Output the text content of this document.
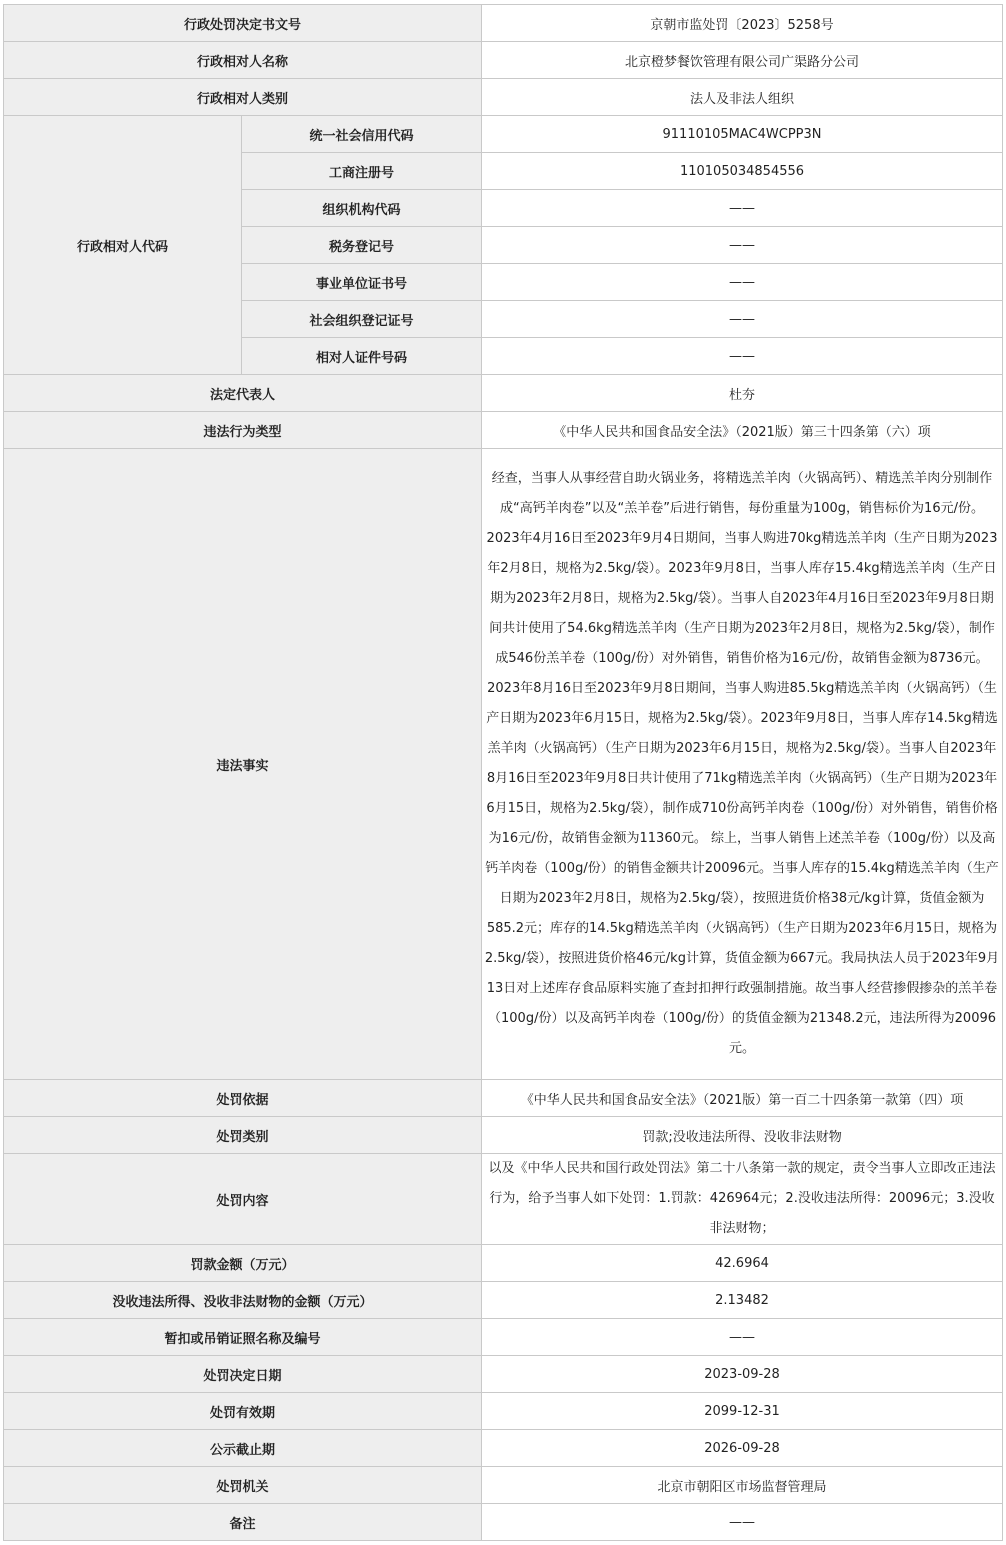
行政处罚决定书文号		京朝市监处罚〔2023〕5258号
行政相对人名称		北京橙梦餐饮管理有限公司广渠路分公司
行政相对人类别		法人及非法人组织
行政相对人代码	统一社会信用代码	91110105MAC4WCPP3N
	工商注册号	110105034854556
	组织机构代码	——
	税务登记号	——
	事业单位证书号	——
	社会组织登记证号	——
	相对人证件号码	——
法定代表人		杜夯
违法行为类型		《中华人民共和国食品安全法》（2021版）第三十四条第（六）项
违法事实		经查，当事人从事经营自助火锅业务，将精选羔羊肉（火锅高钙）、精选羔羊肉分别制作成“高钙羊肉卷”以及“羔羊卷”后进行销售，每份重量为100g，销售标价为16元/份。 2023年4月16日至2023年9月4日期间，当事人购进70kg精选羔羊肉（生产日期为2023年2月8日，规格为2.5kg/袋）。2023年9月8日，当事人库存15.4kg精选羔羊肉（生产日期为2023年2月8日，规格为2.5kg/袋）。当事人自2023年4月16日至2023年9月8日期间共计使用了54.6kg精选羔羊肉（生产日期为2023年2月8日，规格为2.5kg/袋），制作成546份羔羊卷（100g/份）对外销售，销售价格为16元/份，故销售金额为8736元。 2023年8月16日至2023年9月8日期间，当事人购进85.5kg精选羔羊肉（火锅高钙）（生产日期为2023年6月15日，规格为2.5kg/袋）。2023年9月8日，当事人库存14.5kg精选羔羊肉（火锅高钙）（生产日期为2023年6月15日，规格为2.5kg/袋）。当事人自2023年8月16日至2023年9月8日共计使用了71kg精选羔羊肉（火锅高钙）（生产日期为2023年6月15日，规格为2.5kg/袋），制作成710份高钙羊肉卷（100g/份）对外销售，销售价格为16元/份，故销售金额为11360元。 综上，当事人销售上述羔羊卷（100g/份）以及高钙羊肉卷（100g/份）的销售金额共计20096元。当事人库存的15.4kg精选羔羊肉（生产日期为2023年2月8日，规格为2.5kg/袋），按照进货价格38元/kg计算，货值金额为585.2元；库存的14.5kg精选羔羊肉（火锅高钙）（生产日期为2023年6月15日，规格为2.5kg/袋），按照进货价格46元/kg计算，货值金额为667元。我局执法人员于2023年9月13日对上述库存食品原料实施了查封扣押行政强制措施。故当事人经营掺假掺杂的羔羊卷（100g/份）以及高钙羊肉卷（100g/份）的货值金额为21348.2元，违法所得为20096元。
处罚依据		《中华人民共和国食品安全法》（2021版）第一百二十四条第一款第（四）项
处罚类别		罚款;没收违法所得、没收非法财物
处罚内容		以及《中华人民共和国行政处罚法》第二十八条第一款的规定，责令当事人立即改正违法行为，给予当事人如下处罚：1.罚款：426964元；2.没收违法所得：20096元；3.没收非法财物；
罚款金额（万元）		42.6964
没收违法所得、没收非法财物的金额（万元）		2.13482
暂扣或吊销证照名称及编号		——
处罚决定日期		2023-09-28
处罚有效期		2099-12-31
公示截止期		2026-09-28
处罚机关		北京市朝阳区市场监督管理局
备注		——
